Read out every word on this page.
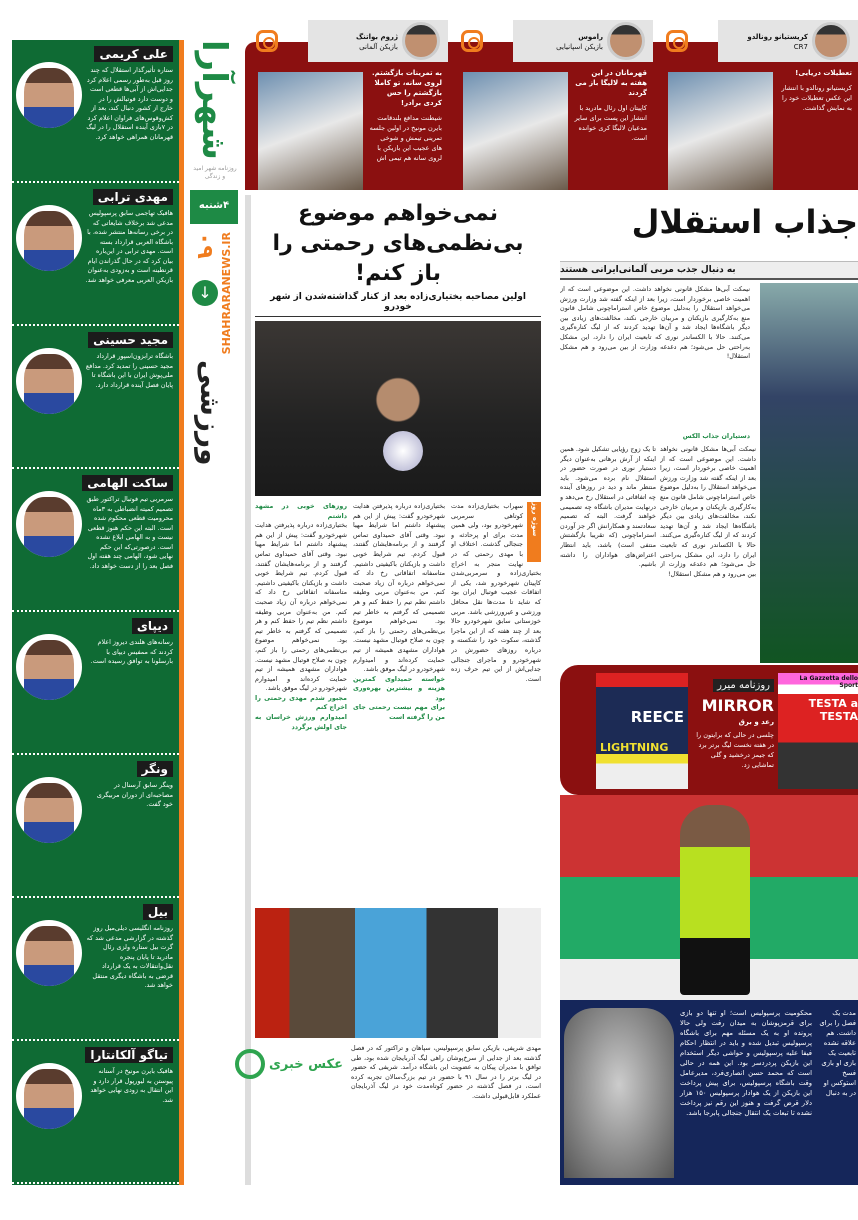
علی کریمی
ستاره تأثیرگذار استقلال که چند روز قبل به‌طور رسمی اعلام کرد جدایی‌اش از آبی‌ها قطعی است و دوست دارد فوتبالش را در خارج از کشور دنبال کند، بعد از کش‌وقوس‌های فراوان اعلام کرد در ۷بازی آینده استقلال را در لیگ قهرمانان همراهی خواهد کرد.
مهدی ترابی
هافبک تهاجمی سابق پرسپولیس مدعی شد برخلاف شایعاتی که در برخی رسانه‌ها منتشر شده، با باشگاه العربی قرارداد بسته است. مهدی ترابی در این‌باره بیان کرد که در حال گذراندن ایام قرنطینه است و به‌زودی به‌عنوان بازیکن العربی معرفی خواهد شد.
مجید حسینی
باشگاه ترابزون‌اسپور قرارداد مجید حسینی را تمدید کرد. مدافع ملی‌پوش ایران با این باشگاه تا پایان فصل آینده قرارداد دارد.
ساکت الهامی
سرمربی تیم فوتبال تراکتور طبق تصمیم کمیته انضباطی به ۳ماه محرومیت قطعی محکوم شده است. البته این حکم هنوز قطعی نیست و به الهامی ابلاغ نشده است. درصورتی‌که این حکم نهایی شود، الهامی چند هفته اول فصل بعد را از دست خواهد داد.
دیپای
رسانه‌های هلندی دیروز اعلام کردند که ممفیس دیپای با بارسلونا به توافق رسیده است.
ونگر
وینگر سابق آرسنال در مصاحبه‌ای از دوران مربیگری خود گفت.
بیل
روزنامه انگلیسی دیلی‌میل روز گذشته در گزارشی مدعی شد که گرت بیل ستاره ولزی رئال مادرید تا پایان پنجره نقل‌وانتقالات به یک قرارداد قرضی به باشگاه دیگری منتقل خواهد شد.
تیاگو آلکانتارا
هافبک بایرن مونیخ در آستانه پیوستن به لیورپول قرار دارد و این انتقال به زودی نهایی خواهد شد.
شهرآرا
روزنامه شهر امید و زندگی
۴شنبه
SHAHRARANEWS.IR
۰۹
↓
ورزشی
کریستیانو رونالدو
CR7
تعطیلات دریایی!
کریستیانو رونالدو با انتشار این عکس تعطیلات خود را به نمایش گذاشت.
راموس
بازیکن اسپانیایی
قهرمانان در این هفته به لالیگا باز می گردند
کاپیتان اول رئال مادرید با انتشار این پست برای سایر مدعیان لالیگا کری خوانده است.
ژروم بواتنگ
بازیکن آلمانی
به تمرینات بازگشتم. لروی سانه، تو کاملا بازگشتم را حس کردی برادر!
شیطنت مدافع بلندقامت بایرن مونیخ در اولین جلسه تمرینی تیمش و شوخی های عجیب این بازیکن با لروی سانه هم تیمی اش
نمی‌خواهم موضوع بی‌نظمی‌های رحمتی را باز کنم!
اولین مصاحبه بختیاری‌زاده بعد از کنار گذاشته‌شدن از شهر خودرو
سوژه روز
سهراب بختیاری‌زاده مدت کوتاهی سرمربی شهرخودرو بود، ولی همین مدت برای او پرحادثه و جنجالی گذشت. اختلاف او با مهدی رحمتی که در نهایت منجر به اخراج بختیاری‌زاده و سرمربی‌شدن کاپیتان شهرخودرو شد، یکی از اتفاقات عجیب فوتبال ایران بود که شاید تا مدت‌ها نقل محافل ورزشی و غیرورزشی باشد. مربی خوزستانی سابق شهرخودرو حالا بعد از چند هفته که از این ماجرا گذشته، سکوت خود را شکسته و درباره روزهای حضورش در شهرخودرو و ماجرای جنجالی جدایی‌اش از این تیم حرف زده است.
بختیاری‌زاده درباره پذیرفتن هدایت شهرخودرو گفت: پیش از این هم پیشنهاد داشتم اما شرایط مهیا نبود. وقتی آقای حمیداوی تماس گرفتند و از برنامه‌هایشان گفتند، قبول کردم. تیم شرایط خوبی داشت و بازیکنان باکیفیتی داشتیم. متاسفانه اتفاقاتی رخ داد که نمی‌خواهم درباره آن زیاد صحبت کنم. من به‌عنوان مربی وظیفه داشتم نظم تیم را حفظ کنم و هر تصمیمی که گرفتم به خاطر تیم بود. نمی‌خواهم موضوع بی‌نظمی‌های رحمتی را باز کنم، چون به صلاح فوتبال مشهد نیست. هواداران مشهدی همیشه از تیم حمایت کرده‌اند و امیدوارم شهرخودرو در لیگ موفق باشد.
خواسته حمیداوی کمترین هزینه و بیشترین بهره‌وری بود
برای مهم نیست رحمتی جای من را گرفته است
روزهای خوبی در مشهد داشتم
بختیاری‌زاده درباره پذیرفتن هدایت شهرخودرو گفت: پیش از این هم پیشنهاد داشتم اما شرایط مهیا نبود. وقتی آقای حمیداوی تماس گرفتند و از برنامه‌هایشان گفتند، قبول کردم. تیم شرایط خوبی داشت و بازیکنان باکیفیتی داشتیم. متاسفانه اتفاقاتی رخ داد که نمی‌خواهم درباره آن زیاد صحبت کنم. من به‌عنوان مربی وظیفه داشتم نظم تیم را حفظ کنم و هر تصمیمی که گرفتم به خاطر تیم بود. نمی‌خواهم موضوع بی‌نظمی‌های رحمتی را باز کنم، چون به صلاح فوتبال مشهد نیست. هواداران مشهدی همیشه از تیم حمایت کرده‌اند و امیدوارم شهرخودرو در لیگ موفق باشد.
مجبور شدم مهدی رحمتی را اخراج کنم
امیدوارم ورزش خراسان به جای اولش برگردد
مهدی شریفی، بازیکن سابق پرسپولیس، سپاهان و تراکتور که در فصل گذشته بعد از جدایی از سرخ‌پوشان راهی لیگ آذربایجان شده بود، طی توافق با مدیران پیکان به عضویت این باشگاه درآمد. شریفی که حضور در لیگ برتر را در سال ۹۱ با حضور در تیم بزرگ‌سالان تجربه کرده است، در فصل گذشته در حضور کوتاه‌مدت خود در لیگ آذربایجان عملکرد قابل‌قبولی داشت.
عکس خبری
جذاب استقلال
به دنبال جذب مربی آلمانی‌ایرانی هستند
نیمکت آبی‌ها مشکل قانونی نخواهد داشت. این موضوعی است که از اهمیت خاصی برخوردار است، زیرا بعد از اینکه گفته شد وزارت ورزش می‌خواهد استقلال را به‌دلیل موضوع خاص استراماچونی شامل قانون منع به‌کارگیری بازیکنان و مربیان خارجی نکند، مخالفت‌های زیادی بین دیگر باشگاه‌ها ایجاد شد و آن‌ها تهدید کردند که از لیگ کناره‌گیری می‌کنند. حالا با الکساندر نوری که تابعیت ایران را دارد، این مشکل به‌راحتی حل می‌شود؛ هم دغدغه وزارت از بین می‌رود و هم مشکل استقلال!
دستیاران جذاب الکس
تا یک زوج رؤیایی تشکیل شود. همین اینکه از آرش برهانی به‌عنوان دیگر دستیار نوری در صورت حضور در استقلال نام برده می‌شود. باید منتظر ماند و دید در روزهای آینده چه اتفاقاتی در استقلال رخ می‌دهد و درنهایت مدیران باشگاه چه تصمیمی خواهند گرفت. البته که تصمیم سعادتمند و همکارانش اگر جز آوردن استراماچونی (که تقریبا بازگشتش منتفی است) باشد، باید انتظار اعتراض‌های هواداران را داشته باشیم.
نیمکت آبی‌ها مشکل قانونی نخواهد داشت. این موضوعی است که از اهمیت خاصی برخوردار است، زیرا بعد از اینکه گفته شد وزارت ورزش می‌خواهد استقلال را به‌دلیل موضوع خاص استراماچونی شامل قانون منع به‌کارگیری بازیکنان و مربیان خارجی نکند، مخالفت‌های زیادی بین دیگر باشگاه‌ها ایجاد شد و آن‌ها تهدید کردند که از لیگ کناره‌گیری می‌کنند. حالا با الکساندر نوری که تابعیت ایران را دارد، این مشکل به‌راحتی حل می‌شود؛ هم دغدغه وزارت از بین می‌رود و هم مشکل استقلال!
REECE
LIGHTNING
روزنامه میرر
MIRROR
رعد و برق
چلسی در حالی که برایتون را در هفته نخست لیگ برتر برد که جیمز درخشید و گلی تماشایی زد.
La Gazzetta dello Sport
TESTA a TESTA
محکومیت پرسپولیس است؛ او تنها دو بازی برای قرمزپوشان به میدان رفت ولی حالا پرونده او به یک مسئله مهم برای باشگاه پرسپولیس تبدیل شده و باید در انتظار احکام فیفا علیه پرسپولیس و حواشی دیگر استخدام این بازیکن پردردسر بود. این همه در حالی است که محمد حسن انصاری‌فرد، مدیرعامل وقت باشگاه پرسپولیس، برای پیش پرداخت این بازیکن از یک هوادار پرسپولیس ۱۵۰ هزار دلار قرض گرفت و هنوز این رقم نیز پرداخت نشده تا تبعات یک انتقال جنجالی پابرجا باشد.
مدت یک فصل را برای داشت. هم علاقه نشده تابعیت یک بازی او بازی فسخ استوکس او در به دنبال
